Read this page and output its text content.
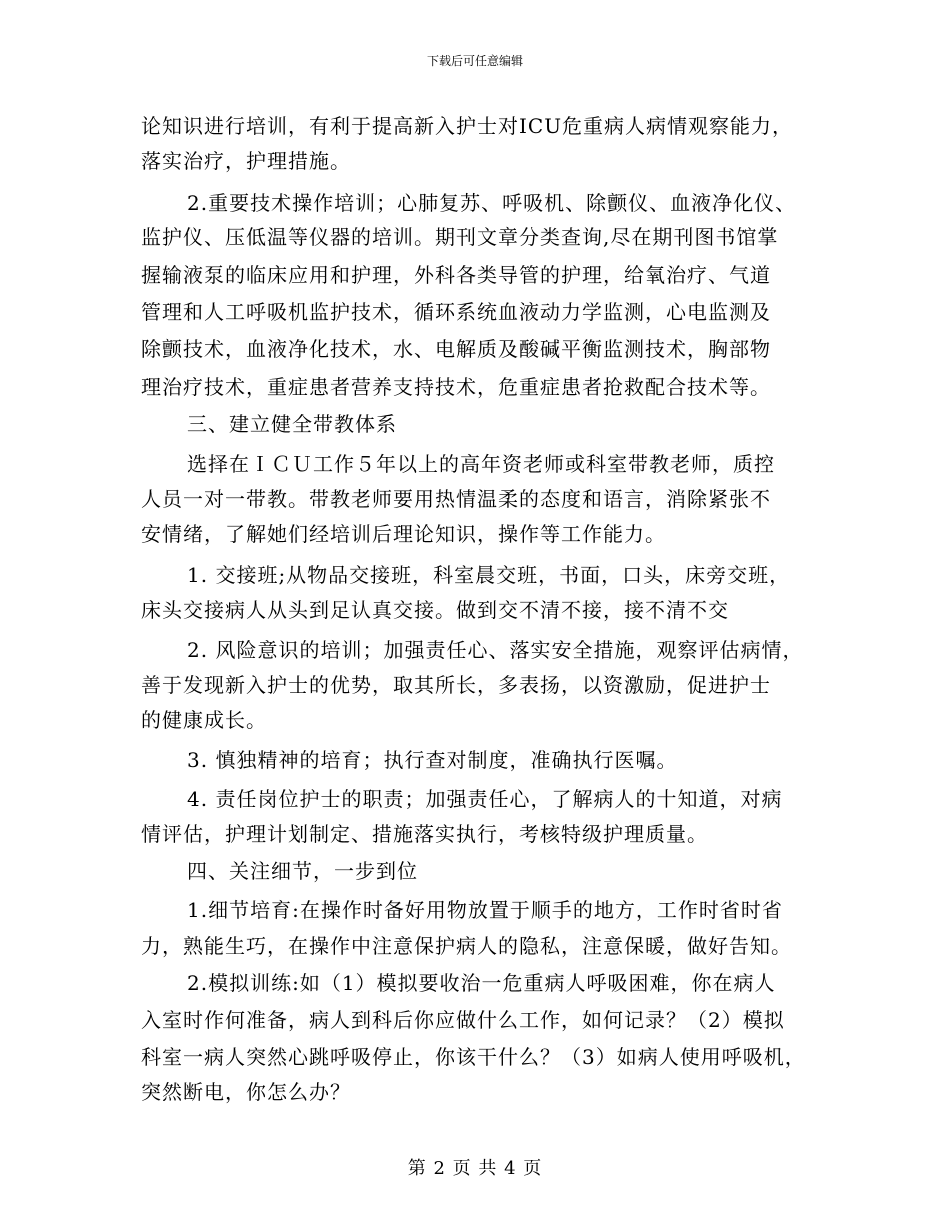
下载后可任意编辑
论知识进行培训，有利于提高新入护士对ICU危重病人病情观察能力，
落实治疗，护理措施。
2.重要技术操作培训；心肺复苏、呼吸机、除颤仪、血液净化仪、
监护仪、压低温等仪器的培训。期刊文章分类查询,尽在期刊图书馆掌
握输液泵的临床应用和护理，外科各类导管的护理，给氧治疗、气道
管理和人工呼吸机监护技术，循环系统血液动力学监测，心电监测及
除颤技术，血液净化技术，水、电解质及酸碱平衡监测技术，胸部物
理治疗技术，重症患者营养支持技术，危重症患者抢救配合技术等。
三、建立健全带教体系
选择在ＩＣＵ工作５年以上的高年资老师或科室带教老师，质控
人员一对一带教。带教老师要用热情温柔的态度和语言，消除紧张不
安情绪，了解她们经培训后理论知识，操作等工作能力。
1. 交接班;从物品交接班，科室晨交班，书面，口头，床旁交班，
床头交接病人从头到足认真交接。做到交不清不接，接不清不交
2. 风险意识的培训；加强责任心、落实安全措施，观察评估病情，
善于发现新入护士的优势，取其所长，多表扬，以资激励，促进护士
的健康成长。
3. 慎独精神的培育；执行查对制度，准确执行医嘱。
4. 责任岗位护士的职责；加强责任心，了解病人的十知道，对病
情评估，护理计划制定、措施落实执行，考核特级护理质量。
四、关注细节，一步到位
1.细节培育:在操作时备好用物放置于顺手的地方，工作时省时省
力，熟能生巧，在操作中注意保护病人的隐私，注意保暖，做好告知。
2.模拟训练:如（1）模拟要收治一危重病人呼吸困难，你在病人
入室时作何准备，病人到科后你应做什么工作，如何记录？（2）模拟
科室一病人突然心跳呼吸停止，你该干什么？（3）如病人使用呼吸机，
突然断电，你怎么办？
第 2 页 共 4 页
